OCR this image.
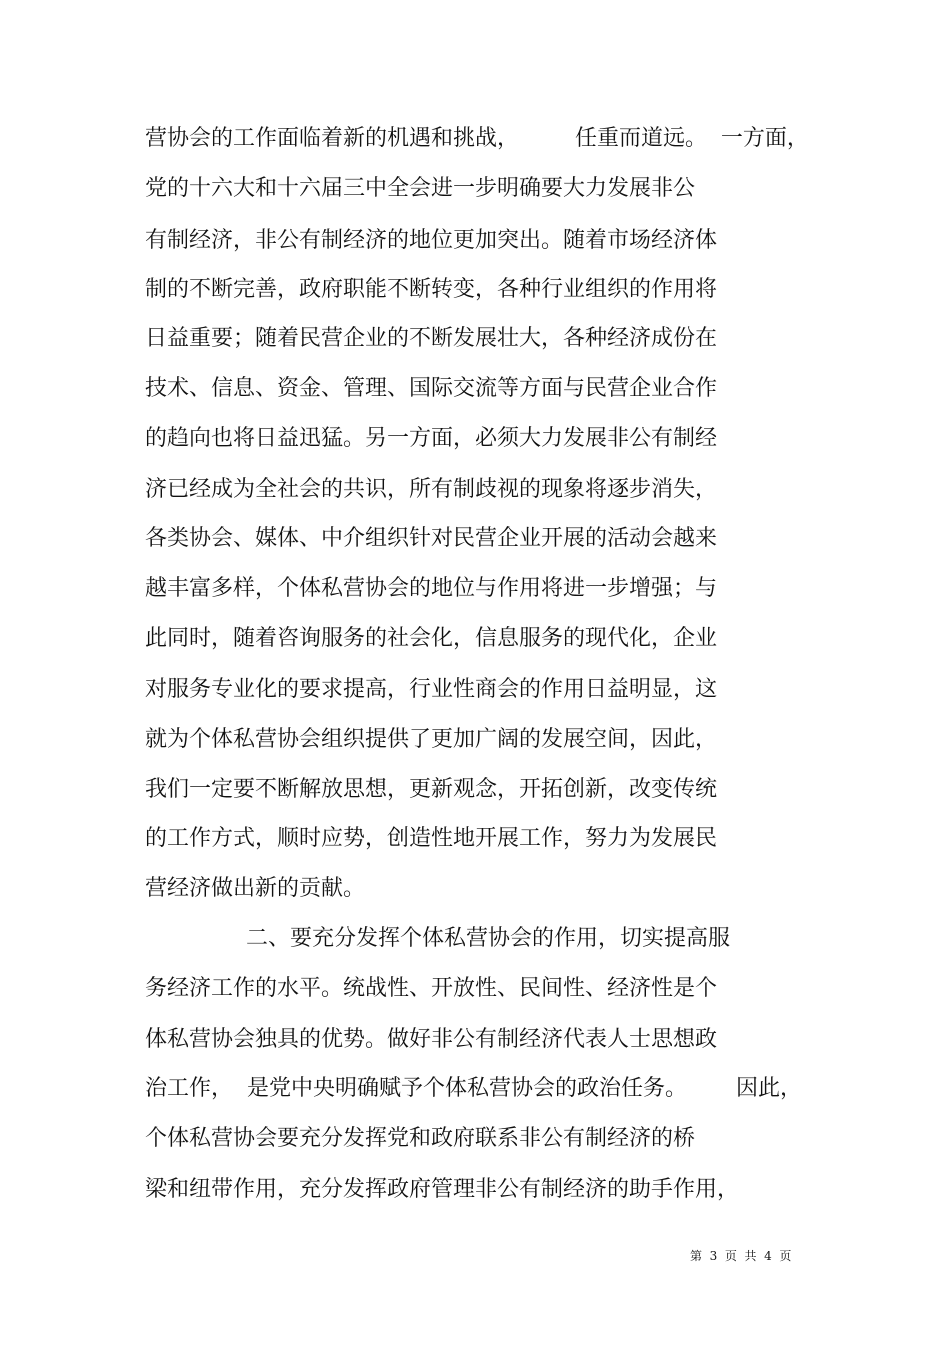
营协会的工作面临着新的机遇和挑战，        任重而道远。  一方面，
党的十六大和十六届三中全会进一步明确要大力发展非公
有制经济，非公有制经济的地位更加突出。随着市场经济体
制的不断完善，政府职能不断转变，各种行业组织的作用将
日益重要；随着民营企业的不断发展壮大，各种经济成份在
技术、信息、资金、管理、国际交流等方面与民营企业合作
的趋向也将日益迅猛。另一方面，必须大力发展非公有制经
济已经成为全社会的共识，所有制歧视的现象将逐步消失，
各类协会、媒体、中介组织针对民营企业开展的活动会越来
越丰富多样，个体私营协会的地位与作用将进一步增强；与
此同时，随着咨询服务的社会化，信息服务的现代化，企业
对服务专业化的要求提高，行业性商会的作用日益明显，这
就为个体私营协会组织提供了更加广阔的发展空间，因此，
我们一定要不断解放思想，更新观念，开拓创新，改变传统
的工作方式，顺时应势，创造性地开展工作，努力为发展民
营经济做出新的贡献。
二、要充分发挥个体私营协会的作用，切实提高服
务经济工作的水平。统战性、开放性、民间性、经济性是个
体私营协会独具的优势。做好非公有制经济代表人士思想政
治工作，  是党中央明确赋予个体私营协会的政治任务。       因此，
个体私营协会要充分发挥党和政府联系非公有制经济的桥
梁和纽带作用，充分发挥政府管理非公有制经济的助手作用，
第  3  页  共  4  页
